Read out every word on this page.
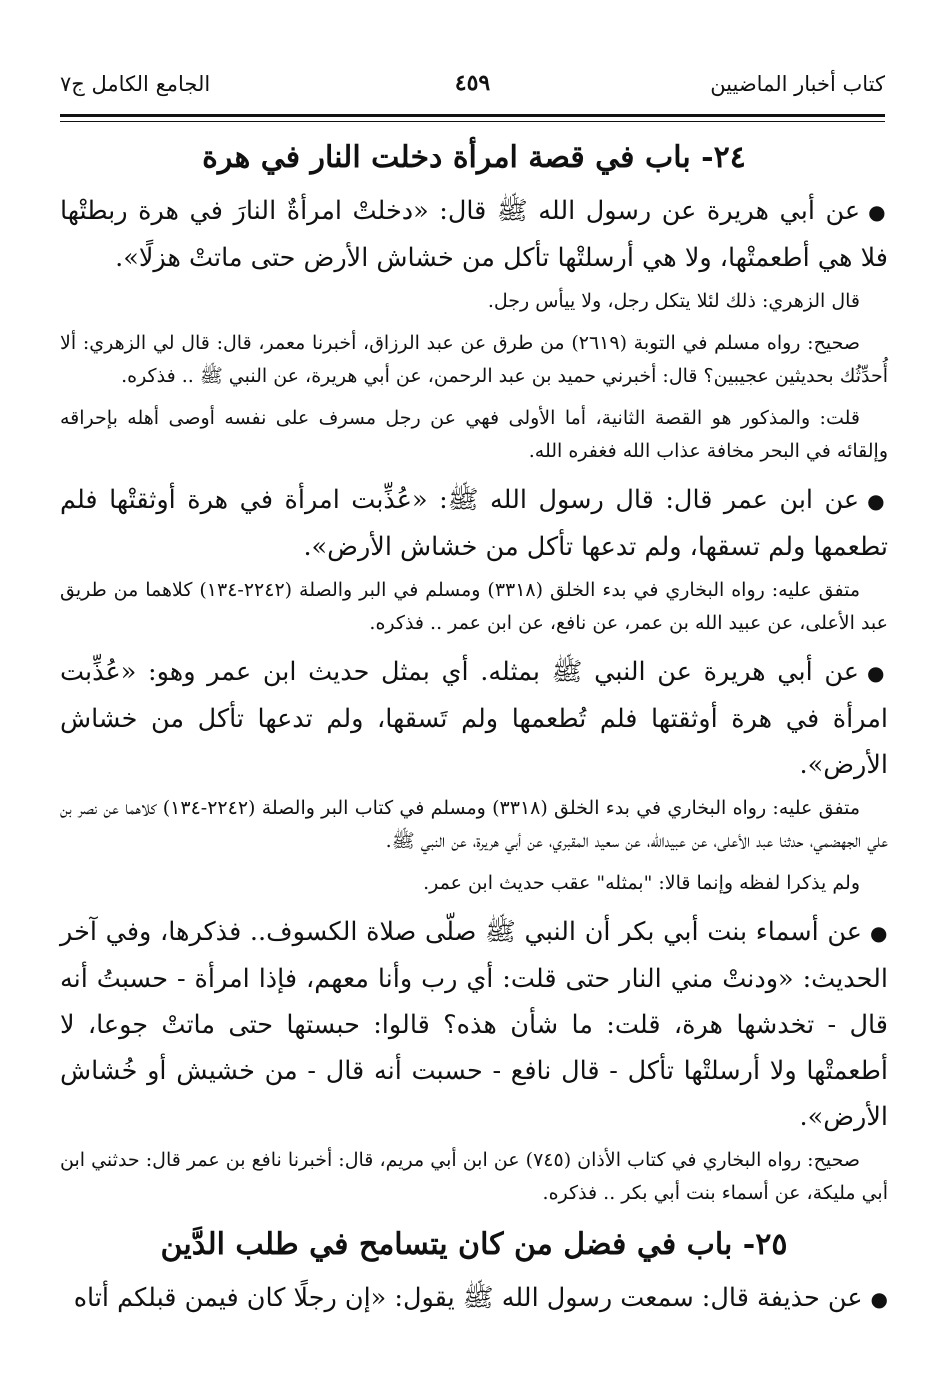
كتاب أخبار الماضيين
٤٥٩
الجامع الكامل ج٧
٢٤- باب في قصة امرأة دخلت النار في هرة

●عن أبي هريرة عن رسول الله ﷺ قال: «دخلتْ امرأةٌ النارَ في هرة ربطتْها فلا هي أطعمتْها، ولا هي أرسلتْها تأكل من خشاش الأرض حتى ماتتْ هزلًا».

قال الزهري: ذلك لئلا يتكل رجل، ولا ييأس رجل.

صحيح: رواه مسلم في التوبة (٢٦١٩) من طرق عن عبد الرزاق، أخبرنا معمر، قال: قال لي الزهري: ألا أُحدِّثُك بحديثين عجيبين؟ قال: أخبرني حميد بن عبد الرحمن، عن أبي هريرة، عن النبي ﷺ .. فذكره.

قلت: والمذكور هو القصة الثانية، أما الأولى فهي عن رجل مسرف على نفسه أوصى أهله بإحراقه وإلقائه في البحر مخافة عذاب الله فغفره الله.

●عن ابن عمر قال: قال رسول الله ﷺ: «عُذِّبت امرأة في هرة أوثقتْها فلم تطعمها ولم تسقها، ولم تدعها تأكل من خشاش الأرض».

متفق عليه: رواه البخاري في بدء الخلق (٣٣١٨) ومسلم في البر والصلة (٢٢٤٢-١٣٤) كلاهما من طريق عبد الأعلى، عن عبيد الله بن عمر، عن نافع، عن ابن عمر .. فذكره.

●عن أبي هريرة عن النبي ﷺ بمثله. أي بمثل حديث ابن عمر وهو: «عُذِّبت امرأة في هرة أوثقتها فلم تُطعمها ولم تَسقها، ولم تدعها تأكل من خشاش الأرض».

متفق عليه: رواه البخاري في بدء الخلق (٣٣١٨) ومسلم في كتاب البر والصلة (٢٢٤٢-١٣٤) كلاهما عن نصر بن علي الجهضمي، حدثنا عبد الأعلى، عن عبيدالله، عن سعيد المقبري، عن أبي هريرة، عن النبي ﷺ.

ولم يذكرا لفظه وإنما قالا: "بمثله" عقب حديث ابن عمر.

●عن أسماء بنت أبي بكر أن النبي ﷺ صلّى صلاة الكسوف.. فذكرها، وفي آخر الحديث: «ودنتْ مني النار حتى قلت: أي رب وأنا معهم، فإذا امرأة - حسبتُ أنه قال - تخدشها هرة، قلت: ما شأن هذه؟ قالوا: حبستها حتى ماتتْ جوعا، لا أطعمتْها ولا أرسلتْها تأكل - قال نافع - حسبت أنه قال - من خشيش أو خُشاش الأرض».

صحيح: رواه البخاري في كتاب الأذان (٧٤٥) عن ابن أبي مريم، قال: أخبرنا نافع بن عمر قال: حدثني ابن أبي مليكة، عن أسماء بنت أبي بكر .. فذكره.

٢٥- باب في فضل من كان يتسامح في طلب الدَّين

●عن حذيفة قال: سمعت رسول الله ﷺ يقول: «إن رجلًا كان فيمن قبلكم أتاه
